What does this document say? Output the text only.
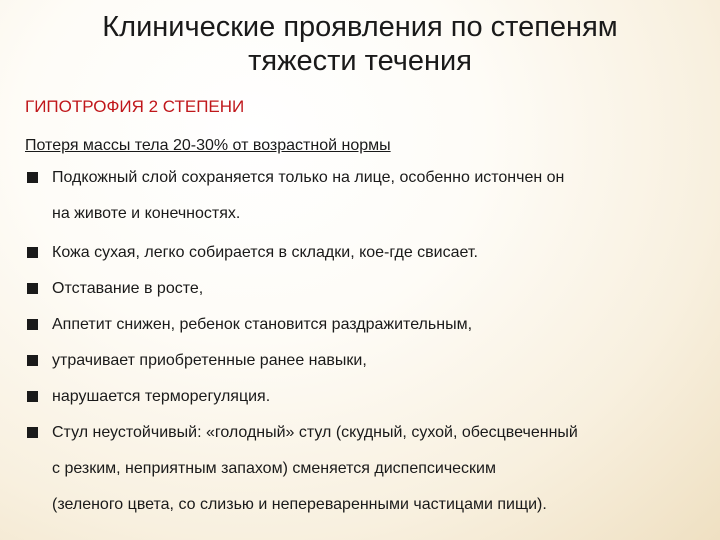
Клинические проявления по степеням
тяжести течения
ГИПОТРОФИЯ 2 СТЕПЕНИ
Потеря массы тела 20-30% от возрастной нормы
Подкожный слой сохраняется только на лице, особенно истончен он
на животе и конечностях.
Кожа сухая, легко собирается в складки, кое-где свисает.
Отставание в росте,
Аппетит снижен, ребенок становится раздражительным,
утрачивает приобретенные ранее навыки,
нарушается терморегуляция.
Стул неустойчивый: «голодный» стул (скудный, сухой, обесцвеченный
с резким, неприятным запахом) сменяется диспепсическим
(зеленого цвета, со слизью и непереваренными частицами пищи).
